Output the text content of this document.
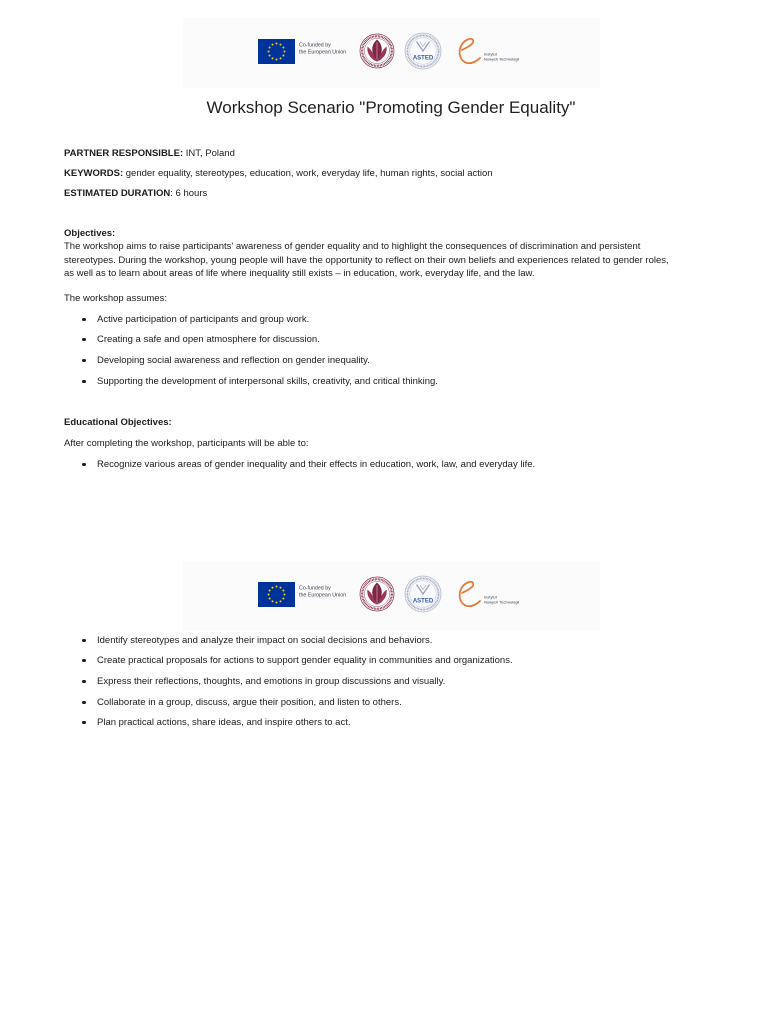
Co-funded by
the European Union
ASTED
Instytut
Nowych Technologii
Workshop Scenario "Promoting Gender Equality"
PARTNER RESPONSIBLE: INT, Poland
KEYWORDS: gender equality, stereotypes, education, work, everyday life, human rights, social action
ESTIMATED DURATION: 6 hours
Objectives:
The workshop aims to raise participants' awareness of gender equality and to highlight the consequences of discrimination and persistent
stereotypes. During the workshop, young people will have the opportunity to reflect on their own beliefs and experiences related to gender roles,
as well as to learn about areas of life where inequality still exists – in education, work, everyday life, and the law.
The workshop assumes:
Active participation of participants and group work.
Creating a safe and open atmosphere for discussion.
Developing social awareness and reflection on gender inequality.
Supporting the development of interpersonal skills, creativity, and critical thinking.
Educational Objectives:
After completing the workshop, participants will be able to:
Recognize various areas of gender inequality and their effects in education, work, law, and everyday life.
Co-funded by
the European Union
ASTED
Instytut
Nowych Technologii
Identify stereotypes and analyze their impact on social decisions and behaviors.
Create practical proposals for actions to support gender equality in communities and organizations.
Express their reflections, thoughts, and emotions in group discussions and visually.
Collaborate in a group, discuss, argue their position, and listen to others.
Plan practical actions, share ideas, and inspire others to act.
